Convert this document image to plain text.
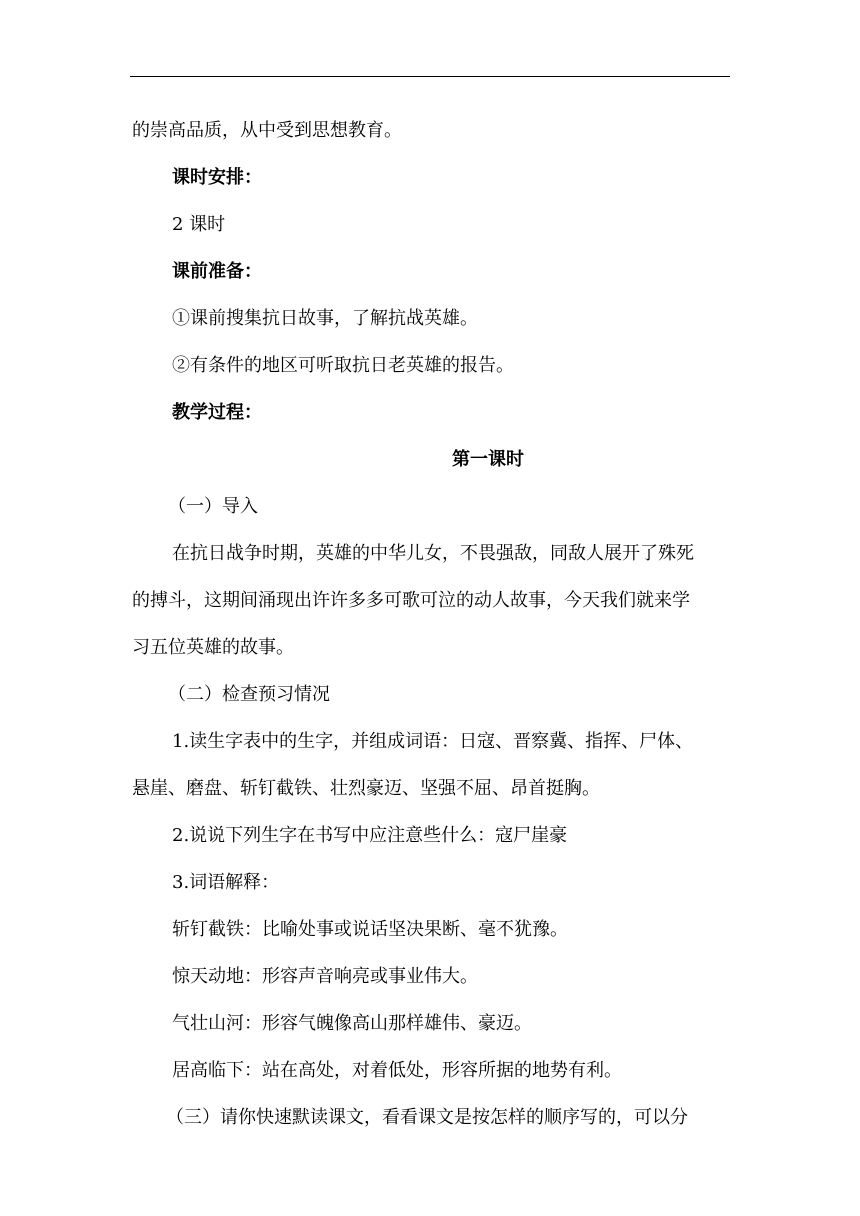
的崇高品质，从中受到思想教育。
课时安排：
2 课时
课前准备：
①课前搜集抗日故事，了解抗战英雄。
②有条件的地区可听取抗日老英雄的报告。
教学过程：
第一课时
（一）导入
在抗日战争时期，英雄的中华儿女，不畏强敌，同敌人展开了殊死
的搏斗，这期间涌现出许许多多可歌可泣的动人故事，今天我们就来学
习五位英雄的故事。
（二）检查预习情况
1.读生字表中的生字，并组成词语：日寇、晋察冀、指挥、尸体、
悬崖、磨盘、斩钉截铁、壮烈豪迈、坚强不屈、昂首挺胸。
2.说说下列生字在书写中应注意些什么：寇尸崖豪
3.词语解释：
斩钉截铁：比喻处事或说话坚决果断、毫不犹豫。
惊天动地：形容声音响亮或事业伟大。
气壮山河：形容气魄像高山那样雄伟、豪迈。
居高临下：站在高处，对着低处，形容所据的地势有利。
（三）请你快速默读课文，看看课文是按怎样的顺序写的，可以分
